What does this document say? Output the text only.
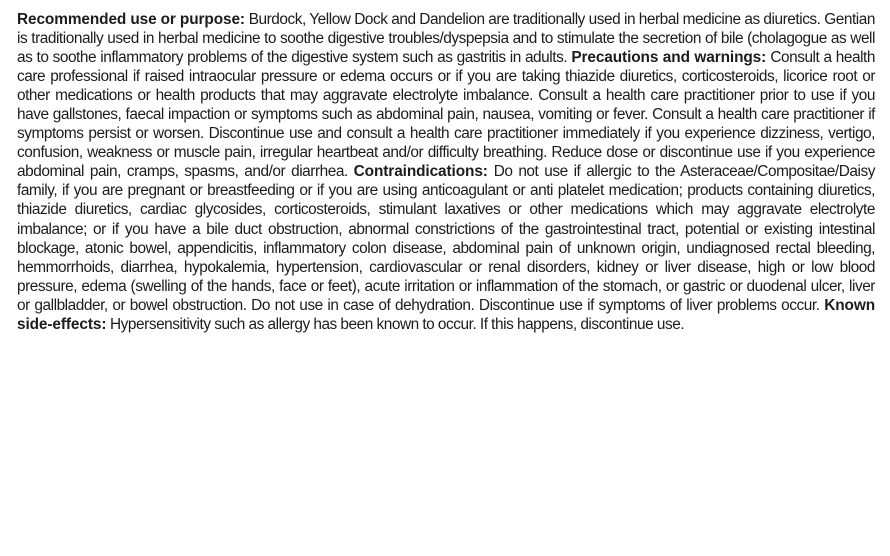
Recommended use or purpose: Burdock, Yellow Dock and Dandelion are traditionally used in herbal medicine as diuretics. Gentian is traditionally used in herbal medicine to soothe digestive troubles/dyspepsia and to stimulate the secretion of bile (cholagogue as well as to soothe inflammatory problems of the digestive system such as gastritis in adults. Precautions and warnings: Consult a health care professional if raised intraocular pressure or edema occurs or if you are taking thiazide diuretics, corticosteroids, licorice root or other medications or health products that may aggravate electrolyte imbalance. Consult a health care practitioner prior to use if you have gallstones, faecal impaction or symptoms such as abdominal pain, nausea, vomiting or fever. Consult a health care practitioner if symptoms persist or worsen. Discontinue use and consult a health care practitioner immediately if you experience dizziness, vertigo, confusion, weakness or muscle pain, irregular heartbeat and/or difficulty breathing. Reduce dose or discontinue use if you experience abdominal pain, cramps, spasms, and/or diarrhea. Contraindications: Do not use if allergic to the Asteraceae/Compositae/Daisy family, if you are pregnant or breastfeeding or if you are using anticoagulant or anti platelet medication; products containing diuretics, thiazide diuretics, cardiac glycosides, corticosteroids, stimulant laxatives or other medications which may aggravate electrolyte imbalance; or if you have a bile duct obstruction, abnormal constrictions of the gastrointestinal tract, potential or existing intestinal blockage, atonic bowel, appendicitis, inflammatory colon disease, abdominal pain of unknown origin, undiagnosed rectal bleeding, hemmorrhoids, diarrhea, hypokalemia, hypertension, cardiovascular or renal disorders, kidney or liver disease, high or low blood pressure, edema (swelling of the hands, face or feet), acute irritation or inflammation of the stomach, or gastric or duodenal ulcer, liver or gallbladder, or bowel obstruction. Do not use in case of dehydration. Discontinue use if symptoms of liver problems occur. Known side-effects: Hypersensitivity such as allergy has been known to occur. If this happens, discontinue use.
